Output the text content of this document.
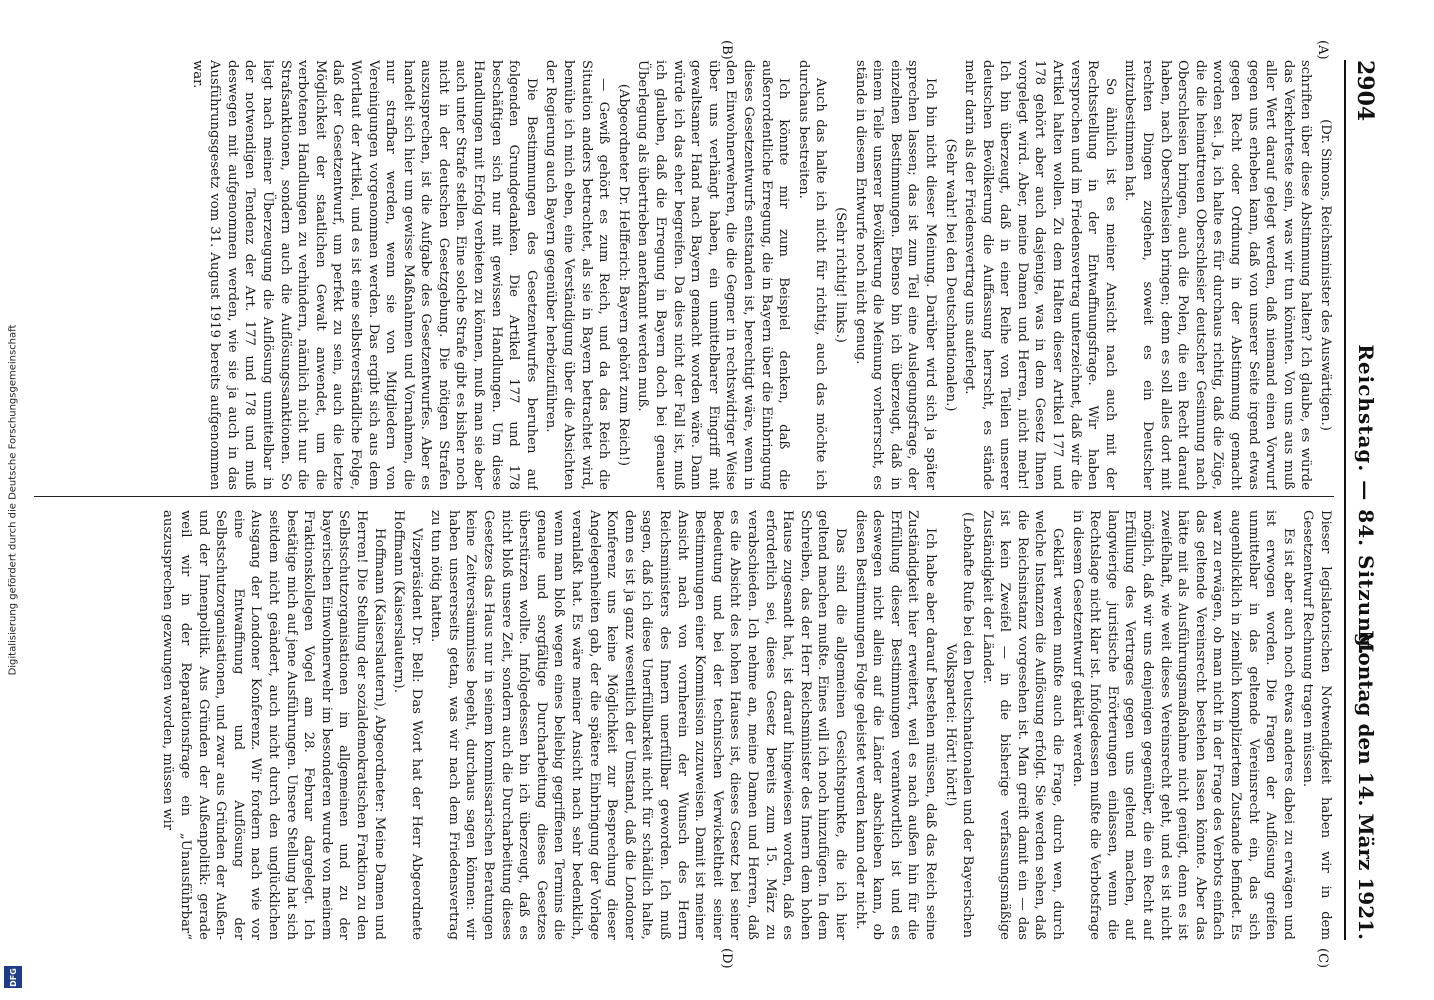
2904
Reichstag. — 84. Sitzung.
Montag den 14. März 1921.
(A)
(B)
(C)
(D)

(Dr. Simons, Reichsminister des Auswärtigen.)

schriften über diese Abstimmung halten? Ich glaube, es würde das Verkehrteste sein, was wir tun könnten. Von uns aus muß aller Wert darauf gelegt werden, daß niemand einen Vorwurf gegen uns erheben kann, daß von unserer Seite irgend etwas gegen Recht oder Ordnung in der Abstimmung gemacht worden sei. Ja, ich halte es für durchaus richtig, daß die Züge, die die heimattreuen Oberschlesier deutscher Gesinnung nach Oberschlesien bringen, auch die Polen, die ein Recht darauf haben, nach Oberschlesien bringen; denn es soll alles dort mit rechten Dingen zugehen, soweit es ein Deutscher mitzubestimmen hat.

So ähnlich ist es meiner Ansicht nach auch mit der Rechtsstellung in der Entwaffnungsfrage. Wir haben versprochen und im Friedensvertrag unterzeichnet, daß wir die Artikel halten wollen. Zu dem Halten dieser Artikel 177 und 178 gehört aber auch dasjenige, was in dem Gesetz Ihnen vorgelegt wird. Aber, meine Damen und Herren, nicht mehr! Ich bin überzeugt, daß in einer Reihe von Teilen unserer deutschen Bevölkerung die Auffassung herrscht, es stände mehr darin als der Friedensvertrag uns auferlegt.

(Sehr wahr! bei den Deutschnationalen.)

Ich bin nicht dieser Meinung. Darüber wird sich ja später sprechen lassen; das ist zum Teil eine Auslegungsfrage, der einzelnen Bestimmungen. Ebenso bin ich überzeugt, daß in einem Teile unserer Bevölkerung die Meinung vorherrscht, es stände in diesem Entwurfe noch nicht genug.

(Sehr richtig! links.)

Auch das halte ich nicht für richtig, auch das möchte ich durchaus bestreiten.

Ich könnte mir zum Beispiel denken, daß die außerordentliche Erregung, die in Bayern über die Einbringung dieses Gesetzentwurfs entstanden ist, berechtigt wäre, wenn in den Einwohnerwehren, die die Gegner in rechtswidriger Weise über uns verhängt haben, ein unmittelbarer Eingriff mit gewaltsamer Hand nach Bayern gemacht worden wäre. Dann würde ich das eher begreifen. Da dies nicht der Fall ist, muß ich glauben, daß die Erregung in Bayern doch bei genauer Überlegung als übertrieben anerkannt werden muß.

(Abgeordneter Dr. Helfferich: Bayern gehört zum Reich!)

— Gewiß gehört es zum Reich, und da das Reich die Situation anders betrachtet, als sie in Bayern betrachtet wird, bemühe ich mich eben, eine Verständigung über die Absichten der Regierung auch Bayern gegenüber herbeizuführen.

Die Bestimmungen des Gesetzentwurfes beruhen auf folgenden Grundgedanken. Die Artikel 177 und 178 beschäftigen sich nur mit gewissen Handlungen. Um diese Handlungen mit Erfolg verbieten zu können, muß man sie aber auch unter Strafe stellen. Eine solche Strafe gibt es bisher noch nicht in der deutschen Gesetzgebung. Die nötigen Strafen auszusprechen, ist die Aufgabe des Gesetzentwurfes. Aber es handelt sich hier um gewisse Maßnahmen und Vornahmen, die nur strafbar werden, wenn sie von Mitgliedern von Vereinigungen vorgenommen werden. Das ergibt sich aus dem Wortlaut der Artikel, und es ist eine selbstverständliche Folge, daß der Gesetzentwurf, um perfekt zu sein, auch die letzte Möglichkeit der staatlichen Gewalt anwendet, um die verbotenen Handlungen zu verhindern, nämlich nicht nur die Strafsanktionen, sondern auch die Auflösungssanktionen. So liegt nach meiner Überzeugung die Auflösung unmittelbar in der notwendigen Tendenz der Art. 177 und 178 und muß deswegen mit aufgenommen werden, wie sie ja auch in das Ausführungsgesetz vom 31. August 1919 bereits aufgenommen war.

Dieser legislatorischen Notwendigkeit haben wir in dem Gesetzentwurf Rechnung tragen müssen.

Es ist aber auch noch etwas anderes dabei zu erwägen und ist erwogen worden. Die Fragen der Auflösung greifen unmittelbar in das geltende Vereinsrecht ein, das sich augenblicklich in ziemlich kompliziertem Zustande befindet. Es war zu erwägen, ob man nicht in der Frage des Verbots einfach das geltende Vereinsrecht bestehen lassen könnte. Aber das hätte mit als Ausführungsmaßnahme nicht genügt, denn es ist zweifelhaft, wie weit dieses Vereinsrecht geht, und es ist nicht möglich, daß wir uns denjenigen gegenüber, die ein Recht auf Erfüllung des Vertrages gegen uns geltend machen, auf langwierige juristische Erörterungen einlassen, wenn die Rechtslage nicht klar ist. Infolgedessen mußte die Verbotsfrage in diesem Gesetzentwurf geklärt werden.

Geklärt werden mußte auch die Frage, durch wen, durch welche Instanzen die Auflösung erfolgt. Sie werden sehen, daß die Reichsinstanz vorgesehen ist. Man greift damit ein — das ist kein Zweifel — in die bisherige verfassungsmäßige Zuständigkeit der Länder.

(Lebhafte Rufe bei den Deutschnationalen und der Bayerischen Volkspartei: Hört! hört!)

Ich habe aber darauf bestehen müssen, daß das Reich seine Zuständigkeit hier erweitert, weil es nach außen hin für die Erfüllung dieser Bestimmungen verantwortlich ist und es deswegen nicht allein auf die Länder abschieben kann, ob diesen Bestimmungen Folge geleistet werden kann oder nicht.

Das sind die allgemeinen Gesichtspunkte, die ich hier geltend machen mußte. Eines will ich noch hinzufügen. In dem Schreiben, das der Herr Reichsminister des Innern dem hohen Hause zugesandt hat, ist darauf hingewiesen worden, daß es erforderlich sei, dieses Gesetz bereits zum 15. März zu verabschieden. Ich nehme an, meine Damen und Herren, daß es die Absicht des hohen Hauses ist, dieses Gesetz bei seiner Bedeutung und bei der technischen Verwickeltheit seiner Bestimmungen einer Kommission zuzuweisen. Damit ist meiner Ansicht nach von vornherein der Wunsch des Herrn Reichsministers des Innern unerfüllbar geworden. Ich muß sagen, daß ich diese Unerfüllbarkeit nicht für schädlich halte, denn es ist ja ganz wesentlich der Umstand, daß die Londoner Konferenz uns keine Möglichkeit zur Besprechung dieser Angelegenheiten gab, der die spätere Einbringung der Vorlage veranlaßt hat. Es wäre meiner Ansicht nach sehr bedenklich, wenn man bloß wegen eines beliebig gegriffenen Termins die genaue und sorgfältige Durcharbeitung dieses Gesetzes überstürzen wollte. Infolgedessen bin ich überzeugt, daß es nicht bloß unsere Zeit, sondern auch die Durcharbeitung dieses Gesetzes das Haus nur in seinem kommissarischen Beratungen keine Zeitversäumnisse begeht, durchaus sagen können: wir haben unsererseits getan, was wir nach dem Friedensvertrag zu tun nötig hatten.

Vizepräsident Dr. Bell: Das Wort hat der Herr Abgeordnete Hoffmann (Kaiserslautern).

Hoffmann (Kaiserslautern), Abgeordneter: Meine Damen und Herren! Die Stellung der sozialdemokratischen Fraktion zu den Selbstschutzorganisationen im allgemeinen und zu der bayerischen Einwohnerwehr im besonderen wurde von meinem Fraktionskollegen Vogel am 28. Februar dargelegt. Ich bestätige mich auf jene Ausführungen. Unsere Stellung hat sich seitdem nicht geändert, auch nicht durch den unglücklichen Ausgang der Londoner Konferenz. Wir fordern nach wie vor eine Entwaffnung und Auflösung der Selbstschutzorganisationen, und zwar aus Gründen der Außen- und der Innenpolitik. Aus Gründen der Außenpolitik: gerade weil wir in der Reparationsfrage ein „Unausführbar“ auszusprechen gezwungen worden, müssen wir

Digitalisierung gefördert durch die Deutsche Forschungsgemeinschaft
DFG
